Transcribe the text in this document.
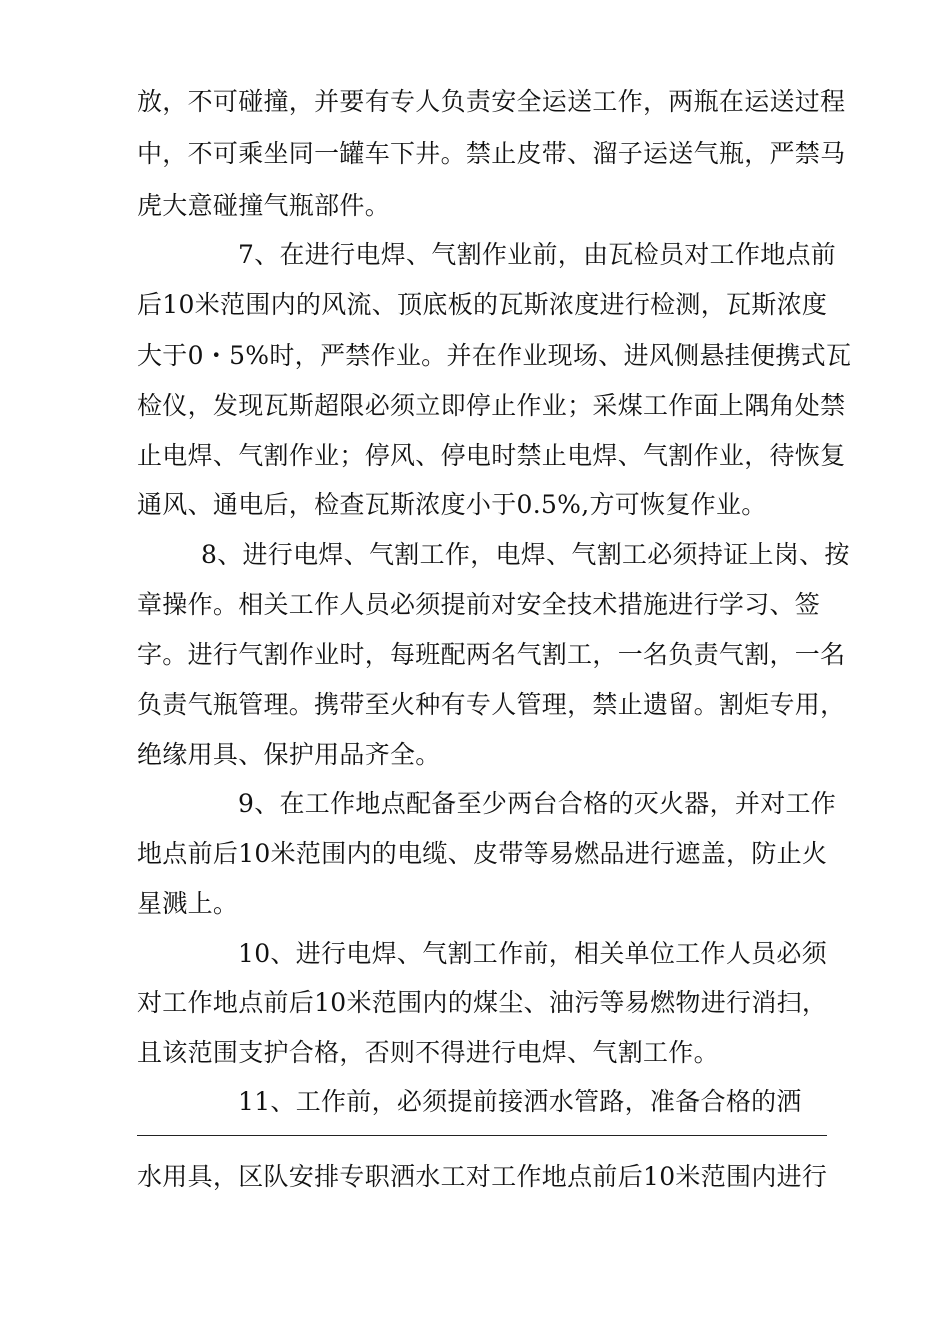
放，不可碰撞，并要有专人负责安全运送工作，两瓶在运送过程
中，不可乘坐同一罐车下井。禁止皮带、溜子运送气瓶，严禁马
虎大意碰撞气瓶部件。
7、在进行电焊、气割作业前，由瓦检员对工作地点前
后10米范围内的风流、顶底板的瓦斯浓度进行检测，瓦斯浓度
大于0・5%时，严禁作业。并在作业现场、进风侧悬挂便携式瓦
检仪，发现瓦斯超限必须立即停止作业；采煤工作面上隅角处禁
止电焊、气割作业；停风、停电时禁止电焊、气割作业，待恢复
通风、通电后，检查瓦斯浓度小于0.5%,方可恢复作业。
8、进行电焊、气割工作，电焊、气割工必须持证上岗、按
章操作。相关工作人员必须提前对安全技术措施进行学习、签
字。进行气割作业时，每班配两名气割工，一名负责气割，一名
负责气瓶管理。携带至火种有专人管理，禁止遗留。割炬专用，
绝缘用具、保护用品齐全。
9、在工作地点配备至少两台合格的灭火器，并对工作
地点前后10米范围内的电缆、皮带等易燃品进行遮盖，防止火
星溅上。
10、进行电焊、气割工作前，相关单位工作人员必须
对工作地点前后10米范围内的煤尘、油污等易燃物进行消扫，
且该范围支护合格，否则不得进行电焊、气割工作。
11、工作前，必须提前接洒水管路，准备合格的洒
水用具，区队安排专职洒水工对工作地点前后10米范围内进行
